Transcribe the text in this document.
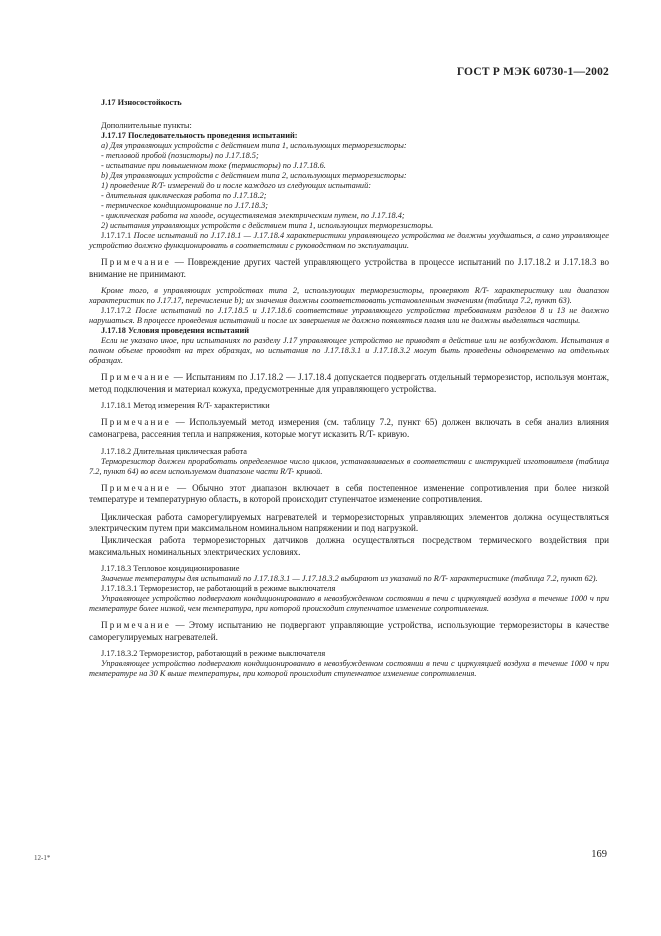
ГОСТ Р МЭК 60730-1—2002

J.17 Износостойкость

Дополнительные пункты:

J.17.17 Последовательность проведения испытаний:

а) Для управляющих устройств с действием типа 1, использующих терморезисторы:

- тепловой пробой (позисторы) по J.17.18.5;

- испытание при повышенном токе (термисторы) по J.17.18.6.

b) Для управляющих устройств с действием типа 2, использующих терморезисторы:

1) проведение R/T- измерений до и после каждого из следующих испытаний:

- длительная циклическая работа по J.17.18.2;

- термическое кондиционирование по J.17.18.3;

- циклическая работа на холоде, осуществляемая электрическим путем, по J.17.18.4;

2) испытания управляющих устройств с действием типа 1, использующих терморезисторы.

J.17.17.1 После испытаний по J.17.18.1 — J.17.18.4 характеристики управляющего устройства не должны ухудшаться, а само управляющее устройство должно функционировать в соответствии с руководством по эксплуатации.

Примечание — Повреждение других частей управляющего устройства в процессе испытаний по J.17.18.2 и J.17.18.3 во внимание не принимают.

Кроме того, в управляющих устройствах типа 2, использующих терморезисторы, проверяют R/T- характеристику или диапазон характеристик по J.17.17, перечисление b); их значения должны соответствовать установленным значениям (таблица 7.2, пункт 63).

J.17.17.2 После испытаний по J.17.18.5 и J.17.18.6 соответствие управляющего устройства требованиям разделов 8 и 13 не должно нарушаться. В процессе проведения испытаний и после их завершения не должно появляться пламя или не должны выделяться частицы.

J.17.18 Условия проведения испытаний

Если не указано иное, при испытаниях по разделу J.17 управляющее устройство не приводят в действие или не возбуждают. Испытания в полном объеме проводят на трех образцах, но испытания по J.17.18.3.1 и J.17.18.3.2 могут быть проведены одновременно на отдельных образцах.

Примечание — Испытаниям по J.17.18.2 — J.17.18.4 допускается подвергать отдельный терморезистор, используя монтаж, метод подключения и материал кожуха, предусмотренные для управляющего устройства.

J.17.18.1 Метод измерения R/T- характеристики

Примечание — Используемый метод измерения (см. таблицу 7.2, пункт 65) должен включать в себя анализ влияния самонагрева, рассеяния тепла и напряжения, которые могут исказить R/T- кривую.

J.17.18.2 Длительная циклическая работа

Терморезистор должен проработать определенное число циклов, устанавливаемых в соответствии с инструкцией изготовителя (таблица 7.2, пункт 64) во всем используемом диапазоне части R/T- кривой.

Примечание — Обычно этот диапазон включает в себя постепенное изменение сопротивления при более низкой температуре и температурную область, в которой происходит ступенчатое изменение сопротивления.

Циклическая работа саморегулируемых нагревателей и терморезисторных управляющих элементов должна осуществляться электрическим путем при максимальном номинальном напряжении и под нагрузкой.

Циклическая работа терморезисторных датчиков должна осуществляться посредством термического воздействия при максимальных номинальных электрических условиях.

J.17.18.3 Тепловое кондиционирование

Значение температуры для испытаний по J.17.18.3.1 — J.17.18.3.2 выбирают из указаний по R/T- характеристике (таблица 7.2, пункт 62).

J.17.18.3.1 Терморезистор, не работающий в режиме выключателя

Управляющее устройство подвергают кондиционированию в невозбужденном состоянии в печи с циркуляцией воздуха в течение 1000 ч при температуре более низкой, чем температура, при которой происходит ступенчатое изменение сопротивления.

Примечание — Этому испытанию не подвергают управляющие устройства, использующие терморезисторы в качестве саморегулируемых нагревателей.

J.17.18.3.2 Терморезистор, работающий в режиме выключателя

Управляющее устройство подвергают кондиционированию в невозбужденном состоянии в печи с циркуляцией воздуха в течение 1000 ч при температуре на 30 К выше температуры, при которой происходит ступенчатое изменение сопротивления.

12-1*	169
